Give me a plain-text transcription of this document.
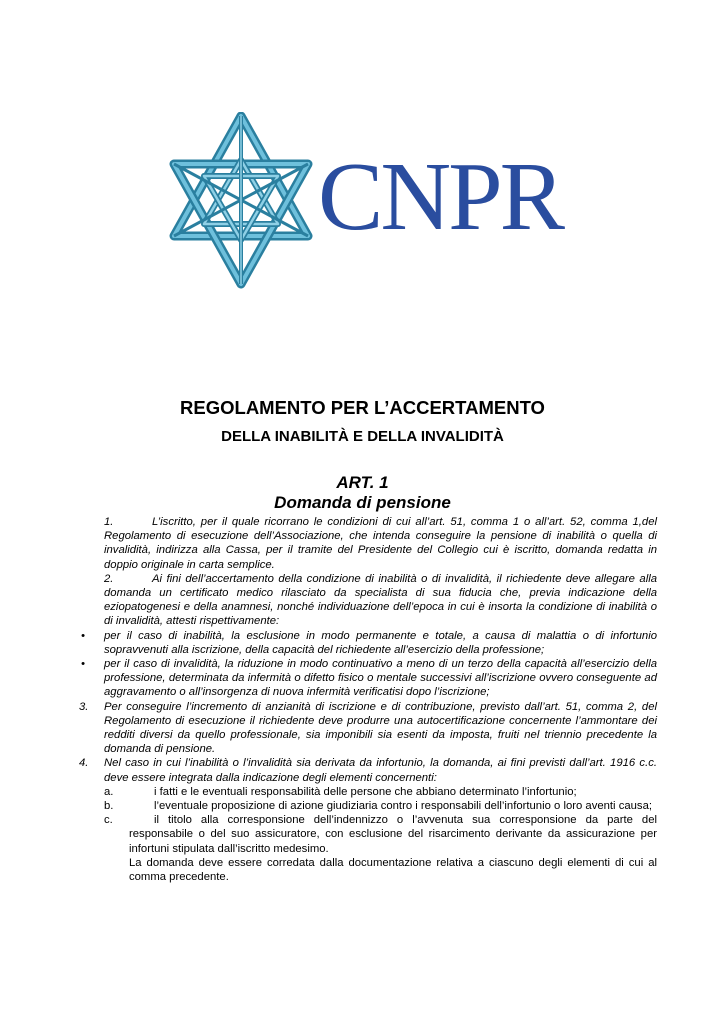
CNPR
REGOLAMENTO PER L’ACCERTAMENTO
DELLA INABILITÀ E DELLA INVALIDITÀ
ART. 1
Domanda di pensione
1.	L’iscritto, per il quale ricorrano le condizioni di cui all’art. 51, comma 1 o all’art. 52, comma 1,del Regolamento di esecuzione dell’Associazione, che intenda conseguire la pensione di inabilità o quella di invalidità, indirizza alla Cassa, per il tramite del Presidente del Collegio cui è iscritto, domanda redatta in doppio originale in carta semplice.
2.	Ai fini dell’accertamento della condizione di inabilità o di invalidità, il richiedente deve allegare alla domanda un certificato medico rilasciato da specialista di sua fiducia che, previa indicazione della eziopatogenesi e della anamnesi, nonché individuazione dell’epoca in cui è insorta la condizione di inabilità o di invalidità, attesti rispettivamente:
•	per il caso di inabilità, la esclusione in modo permanente e totale, a causa di malattia o di infortunio sopravvenuti alla iscrizione, della capacità del richiedente all’esercizio della professione;
•	per il caso di invalidità, la riduzione in modo continuativo a meno di un terzo della capacità all’esercizio della professione, determinata da infermità o difetto fisico o mentale successivi all’iscrizione ovvero conseguente ad aggravamento o all’insorgenza di nuova infermità verificatisi dopo l’iscrizione;
3.	Per conseguire l’incremento di anzianità di iscrizione e di contribuzione, previsto dall’art. 51, comma 2, del Regolamento di esecuzione il richiedente deve produrre una autocertificazione concernente l’ammontare dei redditi diversi da quello professionale, sia imponibili sia esenti da imposta, fruiti nel triennio precedente la domanda di pensione.
4.	Nel caso in cui l’inabilità o l’invalidità sia derivata da infortunio, la domanda, ai fini previsti dall’art. 1916 c.c. deve essere integrata dalla indicazione degli elementi concernenti:
a.	i fatti e le eventuali responsabilità delle persone che abbiano determinato l’infortunio;
b.	l’eventuale proposizione di azione giudiziaria contro i responsabili dell’infortunio o loro aventi causa;
c.	il titolo alla corresponsione dell’indennizzo o l’avvenuta sua corresponsione da parte del responsabile o del suo assicuratore, con esclusione del risarcimento derivante da assicurazione per infortuni stipulata dall’iscritto medesimo.
La domanda deve essere corredata dalla documentazione relativa a ciascuno degli elementi di cui al comma precedente.
